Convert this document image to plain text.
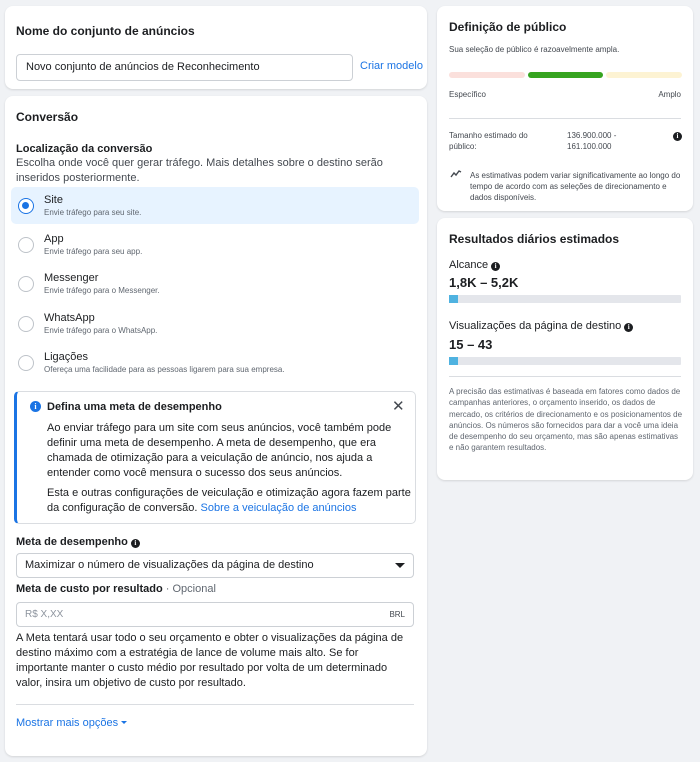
Nome do conjunto de anúncios
Novo conjunto de anúncios de Reconhecimento	Criar modelo
Conversão
Localização da conversão
Escolha onde você quer gerar tráfego. Mais detalhes sobre o destino serão inseridos posteriormente.
Site
Envie tráfego para seu site.
App
Envie tráfego para seu app.
Messenger
Envie tráfego para o Messenger.
WhatsApp
Envie tráfego para o WhatsApp.
Ligações
Ofereça uma facilidade para as pessoas ligarem para sua empresa.
i Defina uma meta de desempenho	✕
Ao enviar tráfego para um site com seus anúncios, você também pode definir uma meta de desempenho. A meta de desempenho, que era chamada de otimização para a veiculação de anúncio, nos ajuda a entender como você mensura o sucesso dos seus anúncios.
Esta e outras configurações de veiculação e otimização agora fazem parte da configuração de conversão. Sobre a veiculação de anúncios
Meta de desempenho i
Maximizar o número de visualizações da página de destino
Meta de custo por resultado · Opcional
R$ X,XX	BRL
A Meta tentará usar todo o seu orçamento e obter o visualizações da página de destino máximo com a estratégia de lance de volume mais alto. Se for importante manter o custo médio por resultado por volta de um determinado valor, insira um objetivo de custo por resultado.
Mostrar mais opções
Definição de público
Sua seleção de público é razoavelmente ampla.
Específico	Amplo
Tamanho estimado do público:
136.900.000 - 161.100.000
i
As estimativas podem variar significativamente ao longo do tempo de acordo com as seleções de direcionamento e dados disponíveis.
Resultados diários estimados
Alcance i
1,8K – 5,2K
Visualizações da página de destino i
15 – 43
A precisão das estimativas é baseada em fatores como dados de campanhas anteriores, o orçamento inserido, os dados de mercado, os critérios de direcionamento e os posicionamentos de anúncios. Os números são fornecidos para dar a você uma ideia de desempenho do seu orçamento, mas são apenas estimativas e não garantem resultados.
